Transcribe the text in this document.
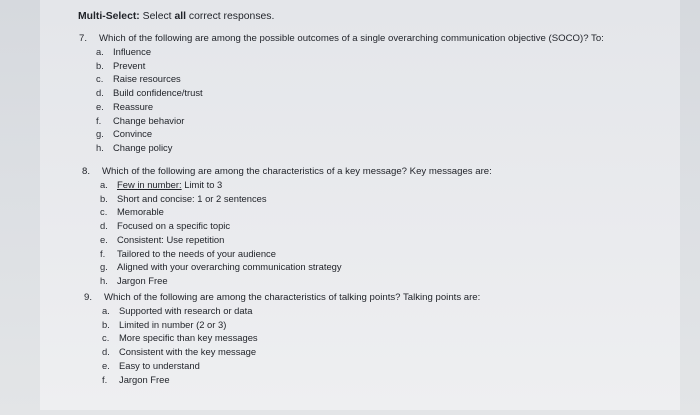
Multi-Select: Select all correct responses.

7. Which of the following are among the possible outcomes of a single overarching communication objective (SOCO)? To:
a. Influence
b. Prevent
c. Raise resources
d. Build confidence/trust
e. Reassure
f. Change behavior
g. Convince
h. Change policy
8. Which of the following are among the characteristics of a key message? Key messages are:
a. Few in number: Limit to 3
b. Short and concise: 1 or 2 sentences
c. Memorable
d. Focused on a specific topic
e. Consistent: Use repetition
f. Tailored to the needs of your audience
g. Aligned with your overarching communication strategy
h. Jargon Free
9. Which of the following are among the characteristics of talking points? Talking points are:
a. Supported with research or data
b. Limited in number (2 or 3)
c. More specific than key messages
d. Consistent with the key message
e. Easy to understand
f. Jargon Free
